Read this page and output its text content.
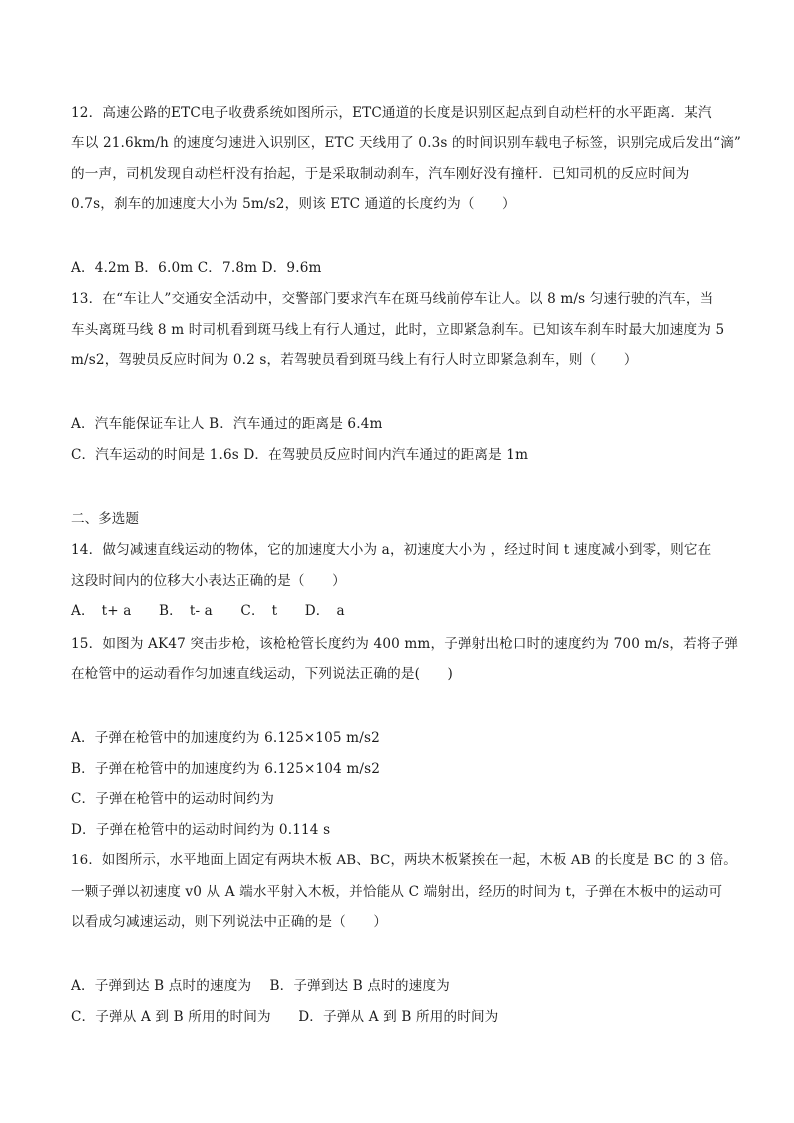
12．高速公路的ETC电子收费系统如图所示，ETC通道的长度是识别区起点到自动栏杆的水平距离．某汽
车以 21.6km/h 的速度匀速进入识别区，ETC 天线用了 0.3s 的时间识别车载电子标签，识别完成后发出“滴”
的一声，司机发现自动栏杆没有抬起，于是采取制动刹车，汽车刚好没有撞杆．已知司机的反应时间为
0.7s，刹车的加速度大小为 5m/s2，则该 ETC 通道的长度约为（　　）
A．4.2m B．6.0m C．7.8m D．9.6m
13．在“车让人”交通安全活动中，交警部门要求汽车在斑马线前停车让人。以 8 m/s 匀速行驶的汽车，当
车头离斑马线 8 m 时司机看到斑马线上有行人通过，此时，立即紧急刹车。已知该车刹车时最大加速度为 5
m/s2，驾驶员反应时间为 0.2 s，若驾驶员看到斑马线上有行人时立即紧急刹车，则（　　）
A．汽车能保证车让人 B．汽车通过的距离是 6.4m
C．汽车运动的时间是 1.6s D．在驾驶员反应时间内汽车通过的距离是 1m
二、多选题
14．做匀减速直线运动的物体，它的加速度大小为 a，初速度大小为 ，经过时间 t 速度减小到零，则它在
这段时间内的位移大小表达正确的是（　　）
A．　t+ a　　B．　t- a　　C．　t　　D．　a
15．如图为 AK47 突击步枪，该枪枪管长度约为 400 mm，子弹射出枪口时的速度约为 700 m/s，若将子弹
在枪管中的运动看作匀加速直线运动，下列说法正确的是(　　)
A．子弹在枪管中的加速度约为 6.125×105 m/s2
B．子弹在枪管中的加速度约为 6.125×104 m/s2
C．子弹在枪管中的运动时间约为
D．子弹在枪管中的运动时间约为 0.114 s
16．如图所示，水平地面上固定有两块木板 AB、BC，两块木板紧挨在一起，木板 AB 的长度是 BC 的 3 倍。
一颗子弹以初速度 v0 从 A 端水平射入木板，并恰能从 C 端射出，经历的时间为 t，子弹在木板中的运动可
以看成匀减速运动，则下列说法中正确的是（　　）
A．子弹到达 B 点时的速度为　 B．子弹到达 B 点时的速度为
C．子弹从 A 到 B 所用的时间为　　D．子弹从 A 到 B 所用的时间为
